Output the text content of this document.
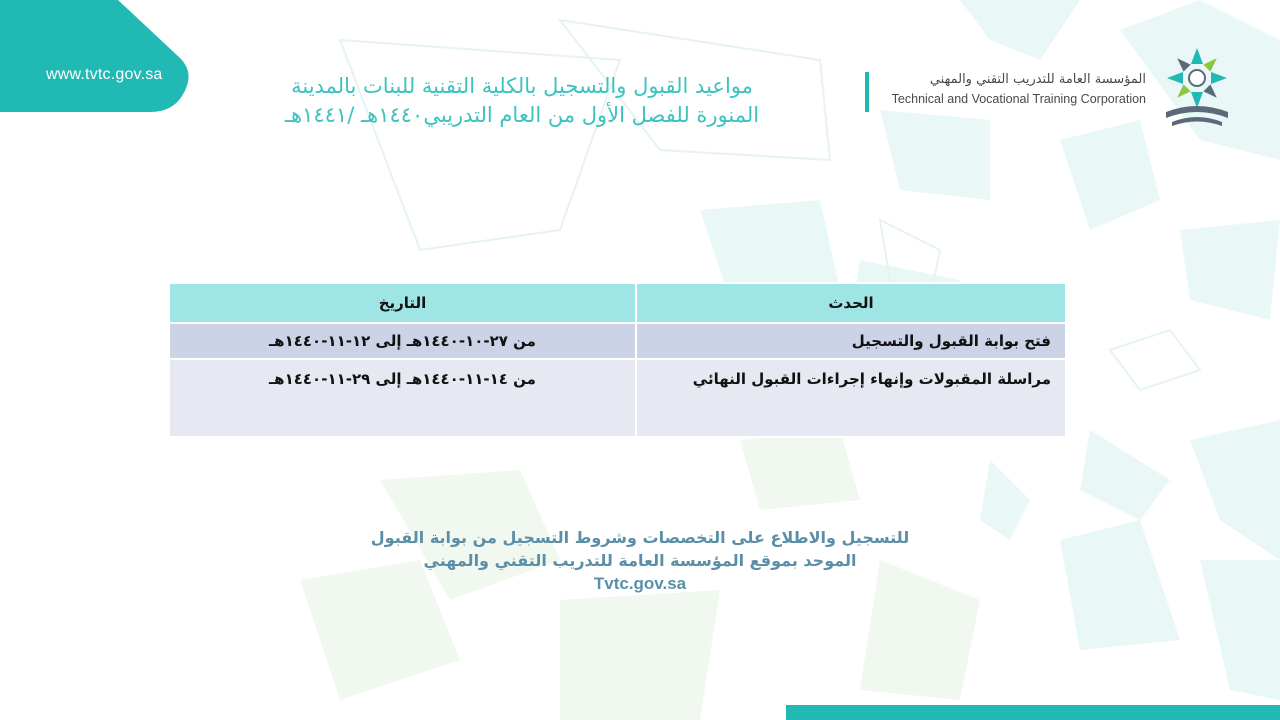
www.tvtc.gov.sa	مواعيد القبول والتسجيل بالكلية التقنية للبنات بالمدينة
المنورة للفصل الأول من العام التدريبي١٤٤٠هـ /١٤٤١هـ
المؤسسة العامة للتدريب التقني والمهني
Technical and Vocational Training Corporation
الحدث	التاريخ
فتح بوابة القبول والتسجيل	من ٢٧-١٠-١٤٤٠هـ إلى ١٢-١١-١٤٤٠هـ
مراسلة المقبولات وإنهاء إجراءات القبول النهائي	من ١٤-١١-١٤٤٠هـ إلى ٢٩-١١-١٤٤٠هـ
للتسجيل والاطلاع على التخصصات وشروط التسجيل من بوابة القبول
الموحد بموقع المؤسسة العامة للتدريب التقني والمهني
Tvtc.gov.sa
